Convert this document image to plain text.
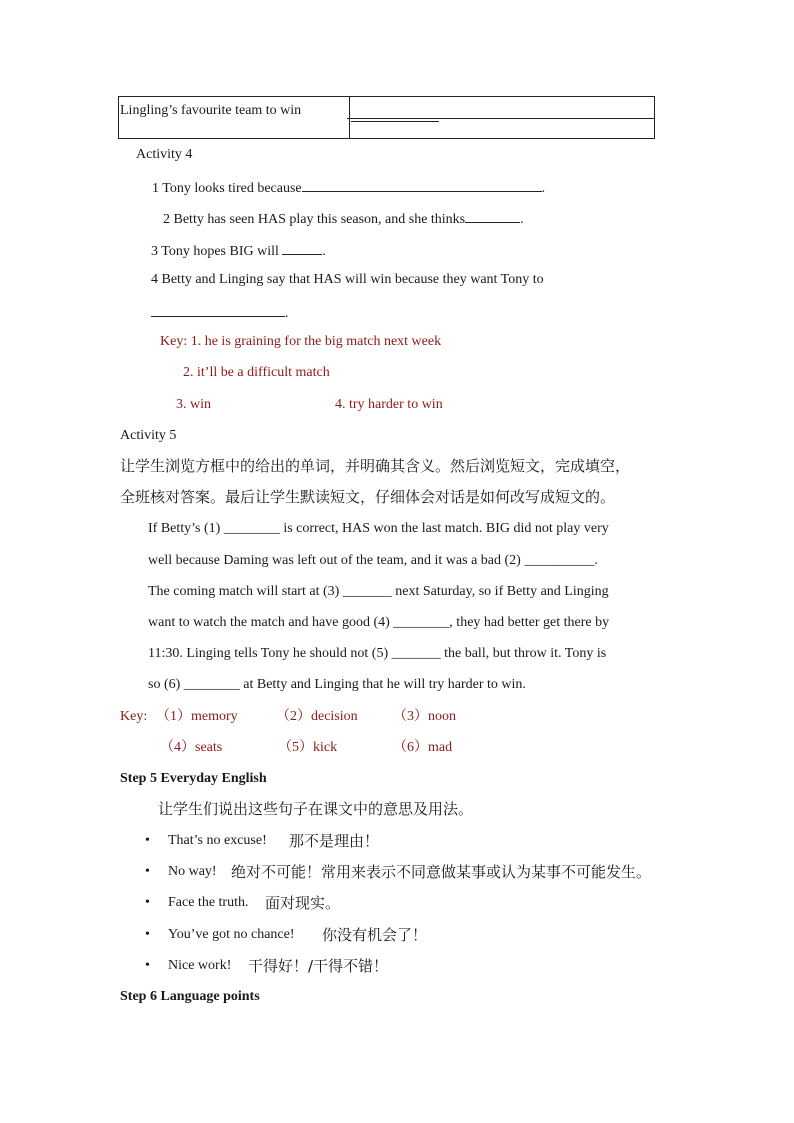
Lingling’s favourite team to win	
Activity 4
1 Tony looks tired because	.
2 Betty has seen HAS play this season, and she thinks	.
3 Tony hopes BIG will	.
4 Betty and Linging say that HAS will win because they want Tony to
.
Key: 1. he is graining for the big match next week
2. it’ll be a difficult match
3. win	4. try harder to win
Activity 5
让学生浏览方框中的给出的单词，并明确其含义。然后浏览短文，完成填空，
全班核对答案。最后让学生默读短文，仔细体会对话是如何改写成短文的。
If Betty’s (1) ________ is correct, HAS won the last match. BIG did not play very
well because Daming was left out of the team, and it was a bad (2) __________.
The coming match will start at (3) _______ next Saturday, so if Betty and Linging
want to watch the match and have good (4) ________, they had better get there by
11:30. Linging tells Tony he should not (5) _______ the ball, but throw it. Tony is
so (6) ________ at Betty and Linging that he will try harder to win.
Key: （1）memory	（2）decision	（3）noon
（4）seats	（5）kick	（6）mad
Step 5 Everyday English
让学生们说出这些句子在课文中的意思及用法。
• That’s no excuse! 那不是理由！
• No way! 绝对不可能！常用来表示不同意做某事或认为某事不可能发生。
• Face the truth. 面对现实。
• You’ve got no chance! 你没有机会了！
• Nice work! 干得好！/干得不错！
Step 6 Language points
